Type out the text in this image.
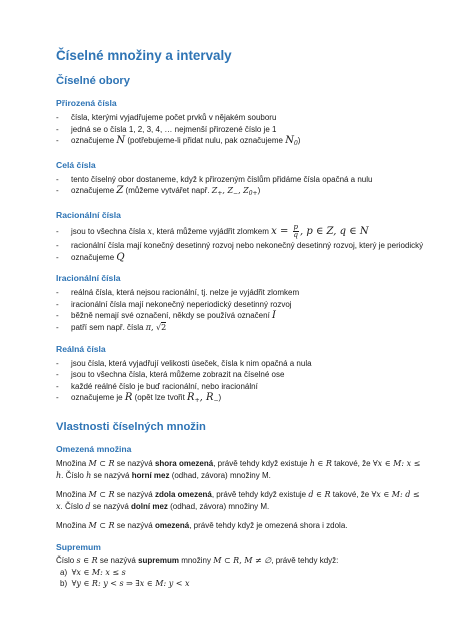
Číselné množiny a intervaly
Číselné obory
Přirozená čísla
- čísla, kterými vyjadřujeme počet prvků v nějakém souboru
- jedná se o čísla 1, 2, 3, 4, … nejmenší přirozené číslo je 1
- označujeme N (potřebujeme-li přidat nulu, pak označujeme $N_0$)
Celá čísla
- tento číselný obor dostaneme, když k přirozeným číslům přidáme čísla opačná a nulu
- označujeme Z (můžeme vytvářet např. $Z_+$, $Z_-$, $Z_{0+}$)
Racionální čísla
- jsou to všechna čísla x, která můžeme vyjádřit zlomkem $x = \frac{p}{q}$ , p ∈ Z, q ∈ N
- racionální čísla mají konečný desetinný rozvoj nebo nekonečný desetinný rozvoj, který je periodický
- označujeme Q
Iracionální čísla
- reálná čísla, která nejsou racionální, tj. nelze je vyjádřit zlomkem
- iracionální čísla mají nekonečný neperiodický desetinný rozvoj
- běžně nemají své označení, někdy se používá označení I
- patří sem např. čísla π, √2
Reálná čísla
- jsou čísla, která vyjadřují velikosti úseček, čísla k nim opačná a nula
- jsou to všechna čísla, která můžeme zobrazit na číselné ose
- každé reálné číslo je buď racionální, nebo iracionální
- označujeme je R (opět lze tvořit $R_+$, $R_-$)
Vlastnosti číselných množin
Omezená množina

Množina M ⊂ R se nazývá shora omezená, právě tehdy když existuje h ∈ R takové, že ∀x ∈ M: x ≤ h. Číslo h se nazývá horní mez (odhad, závora) množiny M.

Množina M ⊂ R se nazývá zdola omezená, právě tehdy když existuje d ∈ R takové, že ∀x ∈ M: d ≤ x. Číslo d se nazývá dolní mez (odhad, závora) množiny M.

Množina M ⊂ R se nazývá omezená, právě tehdy když je omezená shora i zdola.

Supremum

Číslo s ∈ R se nazývá supremum množiny M ⊂ R, M ≠ ∅, právě tehdy když:

a) ∀x ∈ M: x ≤ s
b) ∀y ∈ R: y < s ⇒ ∃x ∈ M: y < x
